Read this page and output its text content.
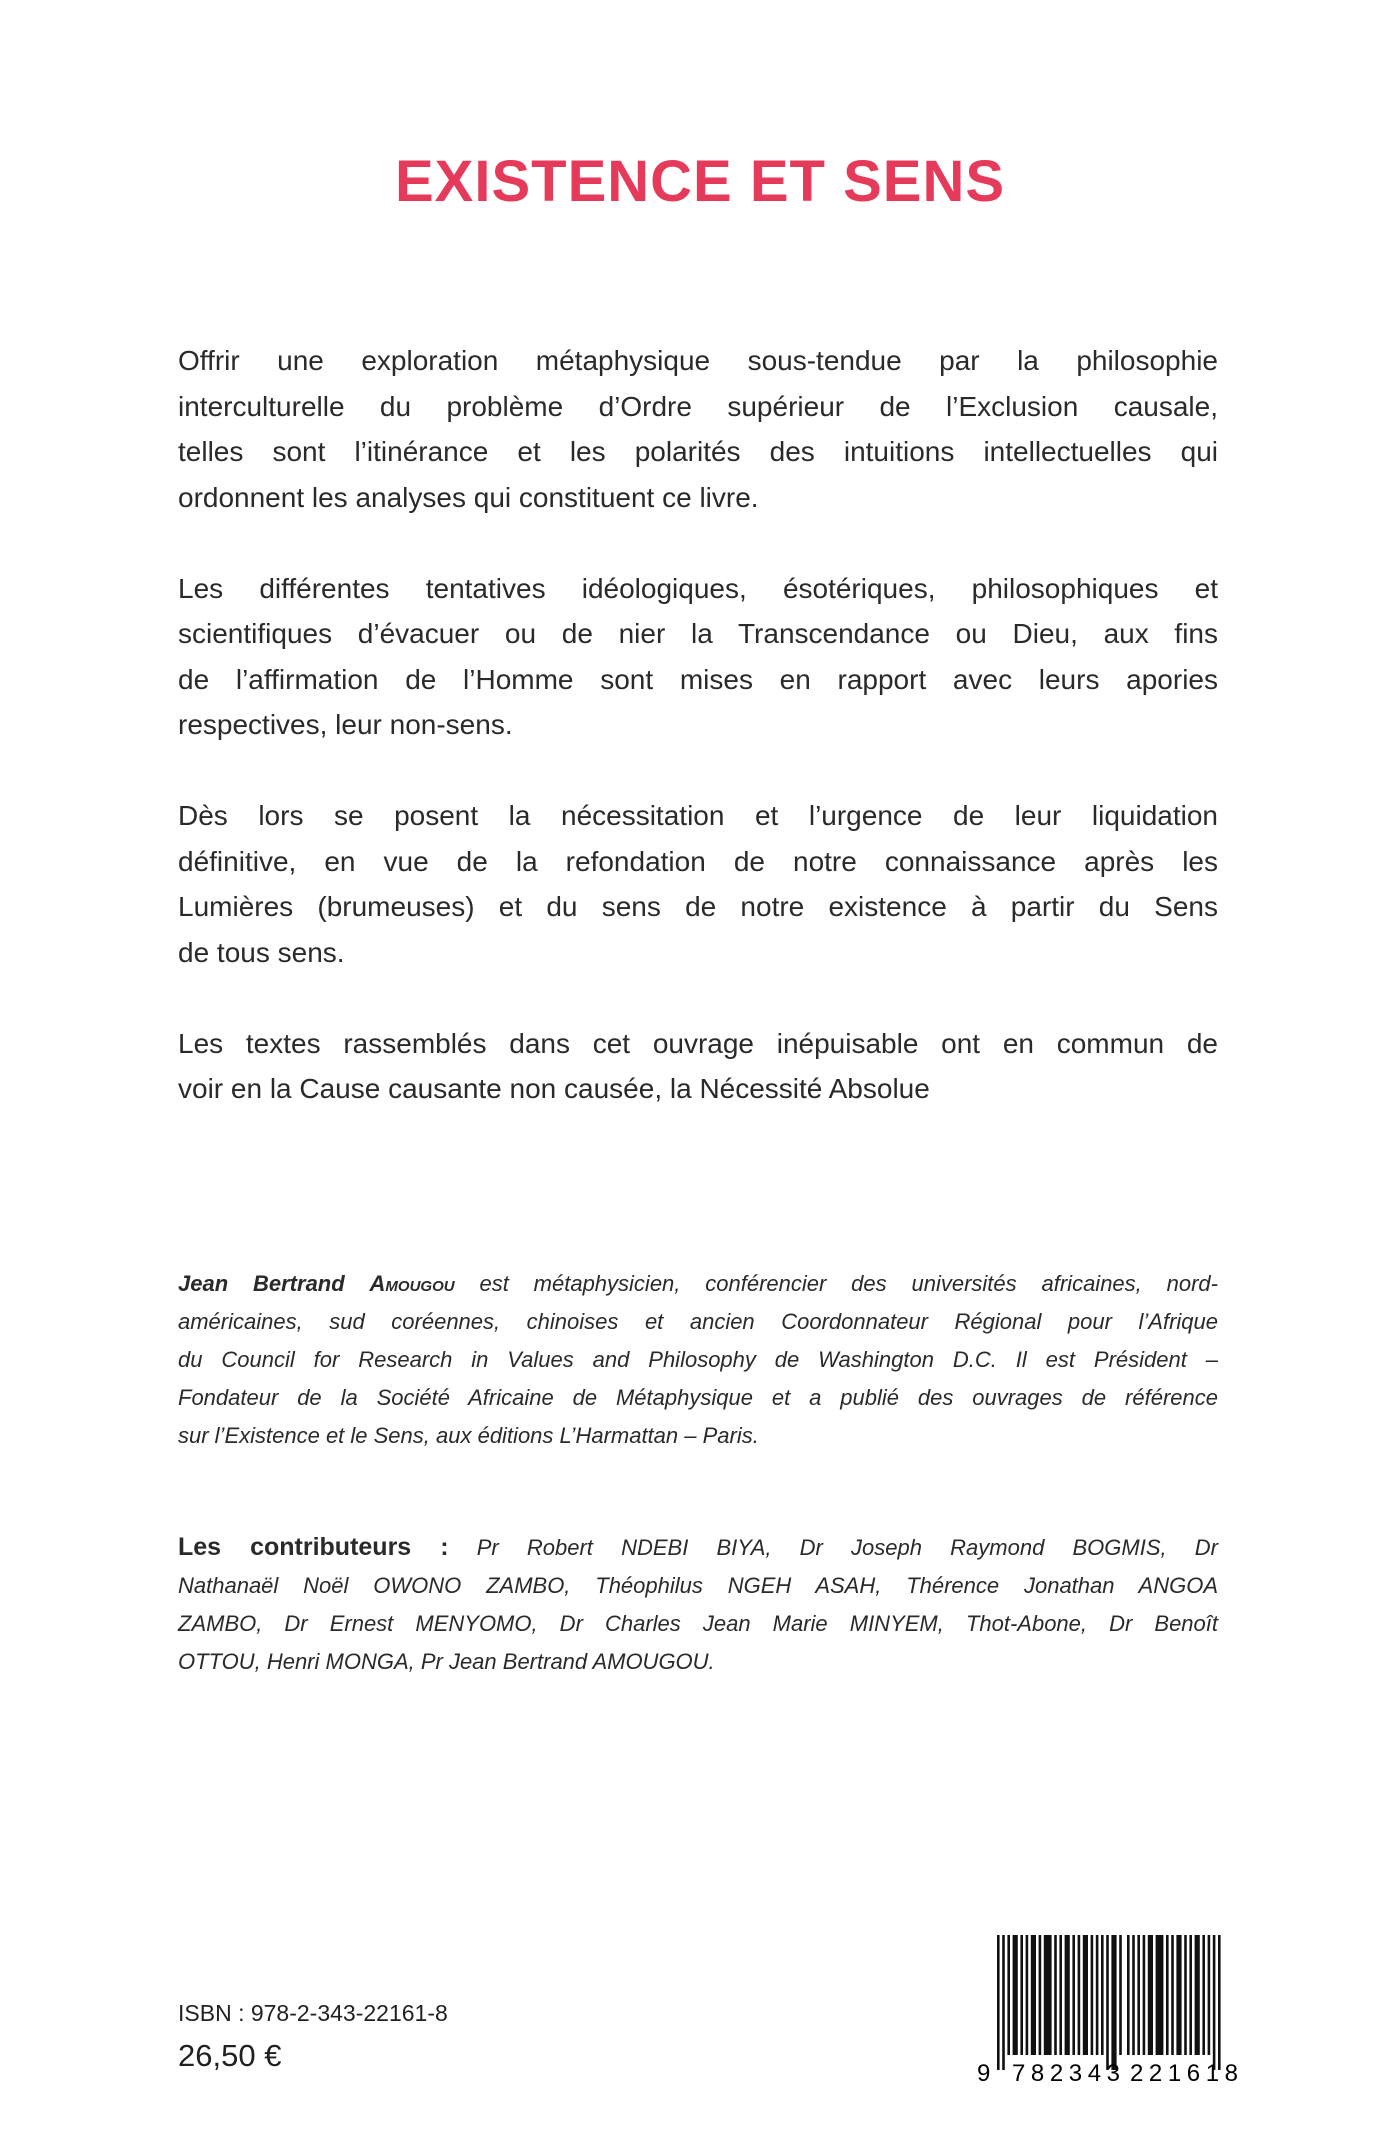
EXISTENCE ET SENS
Offrir une exploration métaphysique sous-tendue par la philosophie
interculturelle du problème d’Ordre supérieur de l’Exclusion causale,
telles sont l’itinérance et les polarités des intuitions intellectuelles qui
ordonnent les analyses qui constituent ce livre.
Les différentes tentatives idéologiques, ésotériques, philosophiques et
scientifiques d’évacuer ou de nier la Transcendance ou Dieu, aux fins
de l’affirmation de l’Homme sont mises en rapport avec leurs apories
respectives, leur non-sens.
Dès lors se posent la nécessitation et l’urgence de leur liquidation
définitive, en vue de la refondation de notre connaissance après les
Lumières (brumeuses) et du sens de notre existence à partir du Sens
de tous sens.
Les textes rassemblés dans cet ouvrage inépuisable ont en commun de
voir en la Cause causante non causée, la Nécessité Absolue
Jean Bertrand Amougou est métaphysicien, conférencier des universités africaines, nord-
américaines, sud coréennes, chinoises et ancien Coordonnateur Régional pour l’Afrique
du Council for Research in Values and Philosophy de Washington D.C. Il est Président –
Fondateur de la Société Africaine de Métaphysique et a publié des ouvrages de référence
sur l’Existence et le Sens, aux éditions L’Harmattan – Paris.
Les contributeurs : Pr Robert NDEBI BIYA, Dr Joseph Raymond BOGMIS, Dr
Nathanaël Noël OWONO ZAMBO, Théophilus NGEH ASAH, Thérence Jonathan ANGOA
ZAMBO, Dr Ernest MENYOMO, Dr Charles Jean Marie MINYEM, Thot-Abone, Dr Benoît
OTTOU, Henri MONGA, Pr Jean Bertrand AMOUGOU.
ISBN : 978-2-343-22161-8
26,50 €
9 782343 221618
